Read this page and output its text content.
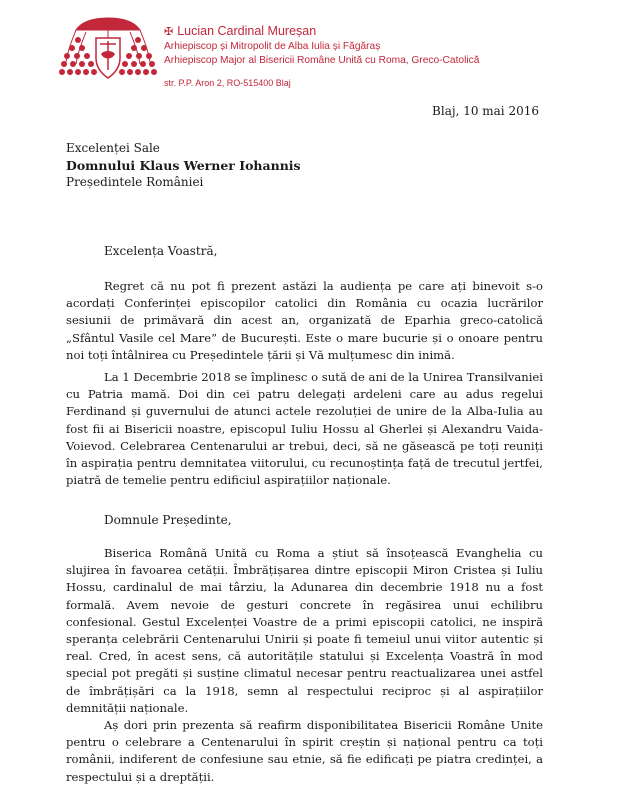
✠ Lucian Cardinal Mureșan
Arhiepiscop și Mitropolit de Alba Iulia și Făgăraș
Arhiepiscop Major al Bisericii Române Unită cu Roma, Greco-Catolică
str. P.P. Aron 2, RO-515400 Blaj
Blaj, 10 mai 2016
Excelenței Sale
Domnului Klaus Werner Iohannis
Președintele României
Excelența Voastră,

Regret că nu pot fi prezent astăzi la audiența pe care ați binevoit s-o acordați Conferinței episcopilor catolici din România cu ocazia lucrărilor sesiunii de primăvară din acest an, organizată de Eparhia greco-catolică „Sfântul Vasile cel Mare” de București. Este o mare bucurie și o onoare pentru noi toți întâlnirea cu Președintele țării și Vă mulțumesc din inimă.

La 1 Decembrie 2018 se împlinesc o sută de ani de la Unirea Transilvaniei cu Patria mamă. Doi din cei patru delegați ardeleni care au adus regelui Ferdinand și guvernului de atunci actele rezoluției de unire de la Alba-Iulia au fost fii ai Bisericii noastre, episcopul Iuliu Hossu al Gherlei și Alexandru Vaida-Voievod. Celebrarea Centenarului ar trebui, deci, să ne găsească pe toți reuniți în aspirația pentru demnitatea viitorului, cu recunoștința față de trecutul jertfei, piatră de temelie pentru edificiul aspirațiilor naționale.

Domnule Președinte,

Biserica Română Unită cu Roma a știut să însoțească Evanghelia cu slujirea în favoarea cetății. Îmbrățișarea dintre episcopii Miron Cristea și Iuliu Hossu, cardinalul de mai târziu, la Adunarea din decembrie 1918 nu a fost formală. Avem nevoie de gesturi concrete în regăsirea unui echilibru confesional. Gestul Excelenței Voastre de a primi episcopii catolici, ne inspiră speranța celebrării Centenarului Unirii și poate fi temeiul unui viitor autentic și real. Cred, în acest sens, că autoritățile statului și Excelența Voastră în mod special pot pregăti și susține climatul necesar pentru reactualizarea unei astfel de îmbrățișări ca la 1918, semn al respectului reciproc și al aspirațiilor demnității naționale.

Aș dori prin prezenta să reafirm disponibilitatea Bisericii Române Unite pentru o celebrare a Centenarului în spirit creștin și național pentru ca toți românii, indiferent de confesiune sau etnie, să fie edificați pe piatra credinței, a respectului și a dreptății.
